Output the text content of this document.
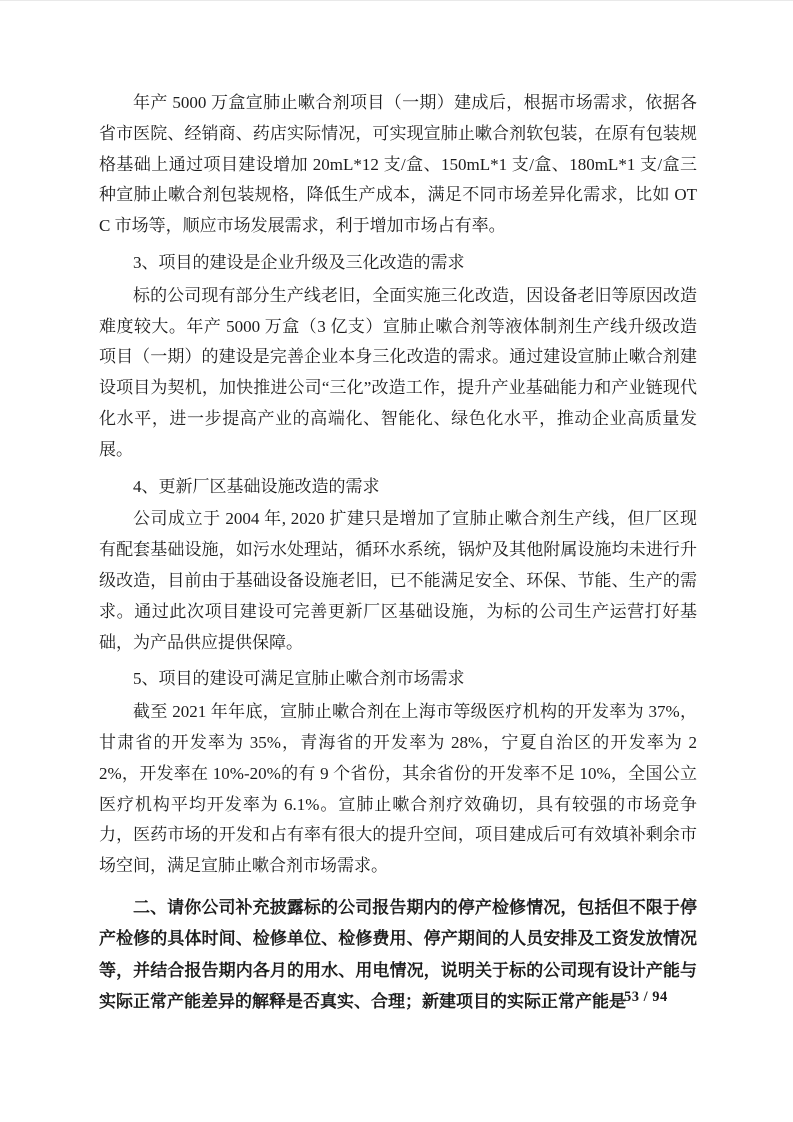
年产 5000 万盒宣肺止嗽合剂项目（一期）建成后，根据市场需求，依据各省市医院、经销商、药店实际情况，可实现宣肺止嗽合剂软包装，在原有包装规格基础上通过项目建设增加 20mL*12 支/盒、150mL*1 支/盒、180mL*1 支/盒三种宣肺止嗽合剂包装规格，降低生产成本，满足不同市场差异化需求，比如 OTC 市场等，顺应市场发展需求，利于增加市场占有率。

3、项目的建设是企业升级及三化改造的需求

标的公司现有部分生产线老旧，全面实施三化改造，因设备老旧等原因改造难度较大。年产 5000 万盒（3 亿支）宣肺止嗽合剂等液体制剂生产线升级改造项目（一期）的建设是完善企业本身三化改造的需求。通过建设宣肺止嗽合剂建设项目为契机，加快推进公司“三化”改造工作，提升产业基础能力和产业链现代化水平，进一步提高产业的高端化、智能化、绿色化水平，推动企业高质量发展。

4、更新厂区基础设施改造的需求

公司成立于 2004 年, 2020 扩建只是增加了宣肺止嗽合剂生产线，但厂区现有配套基础设施，如污水处理站，循环水系统，锅炉及其他附属设施均未进行升级改造，目前由于基础设备设施老旧，已不能满足安全、环保、节能、生产的需求。通过此次项目建设可完善更新厂区基础设施，为标的公司生产运营打好基础，为产品供应提供保障。

5、项目的建设可满足宣肺止嗽合剂市场需求

截至 2021 年年底，宣肺止嗽合剂在上海市等级医疗机构的开发率为 37%，甘肃省的开发率为 35%，青海省的开发率为 28%，宁夏自治区的开发率为 22%，开发率在 10%-20%的有 9 个省份，其余省份的开发率不足 10%，全国公立医疗机构平均开发率为 6.1%。宣肺止嗽合剂疗效确切，具有较强的市场竞争力，医药市场的开发和占有率有很大的提升空间，项目建成后可有效填补剩余市场空间，满足宣肺止嗽合剂市场需求。

二、请你公司补充披露标的公司报告期内的停产检修情况，包括但不限于停产检修的具体时间、检修单位、检修费用、停产期间的人员安排及工资发放情况等，并结合报告期内各月的用水、用电情况，说明关于标的公司现有设计产能与实际正常产能差异的解释是否真实、合理；新建项目的实际正常产能是

53 / 94
